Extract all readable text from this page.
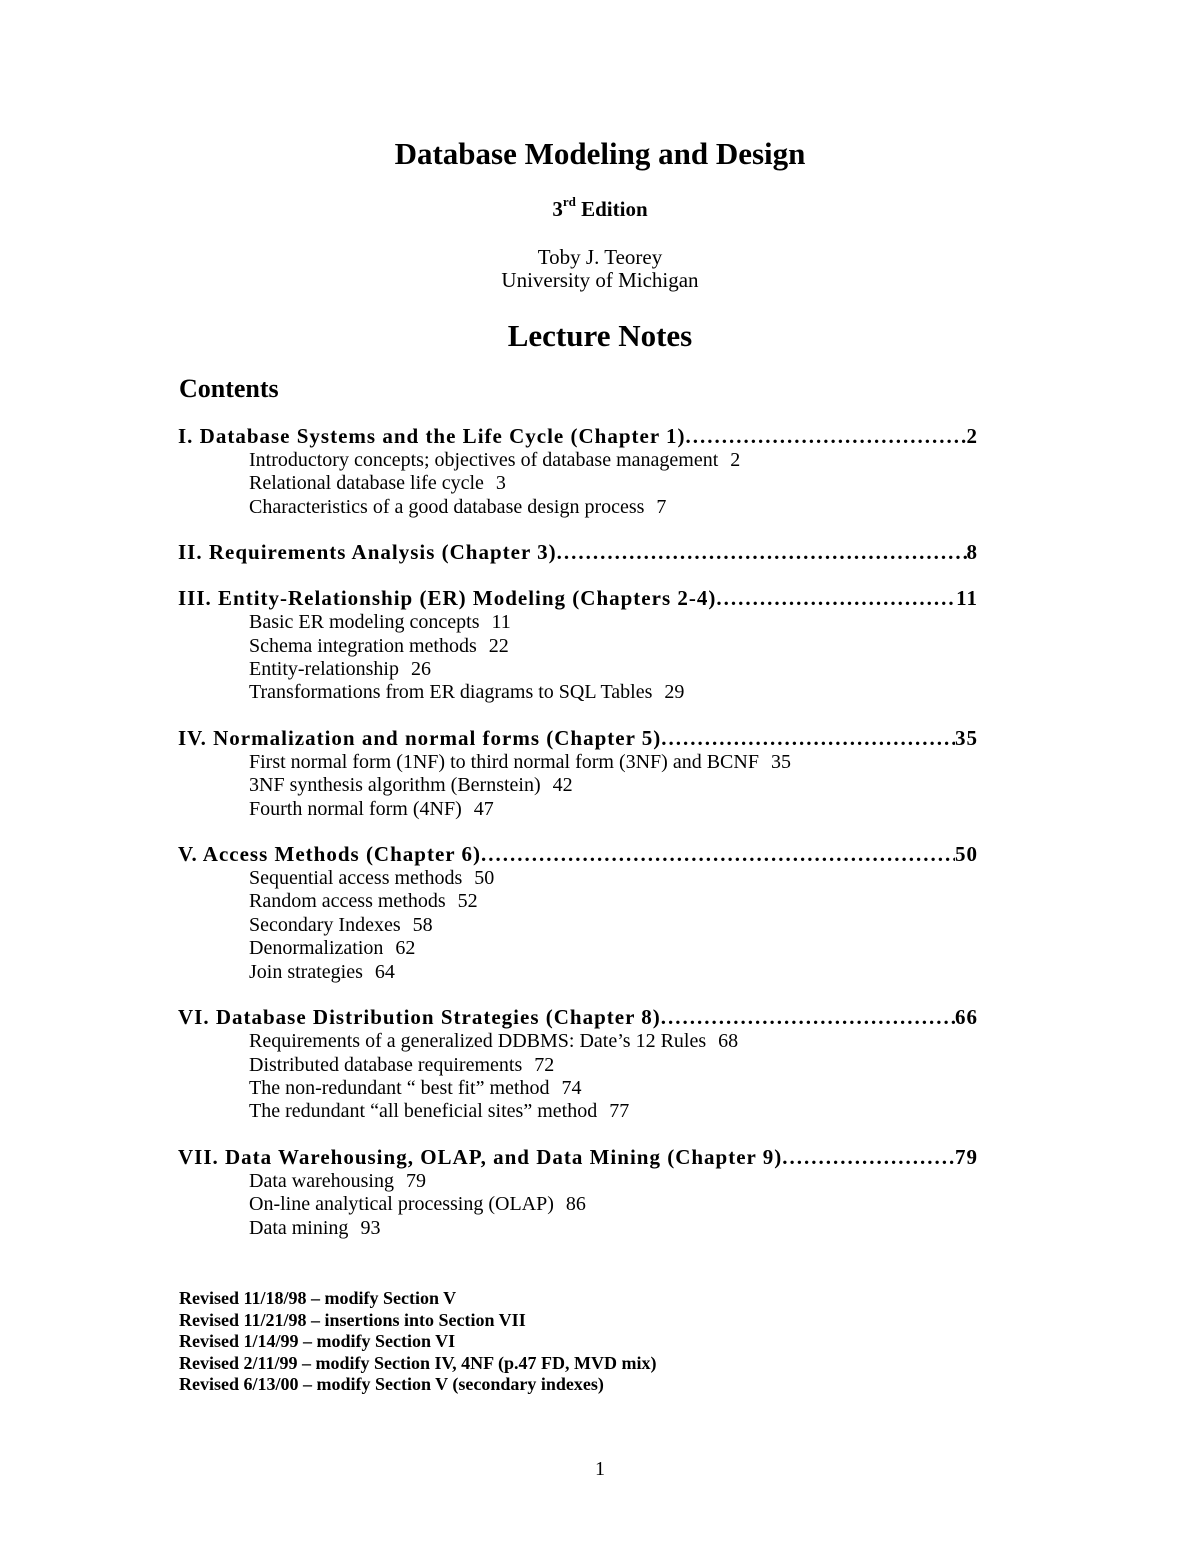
Database Modeling and Design
3rd Edition
Toby J. Teorey
University of Michigan
Lecture Notes
Contents
I. Database Systems and the Life Cycle (Chapter 1) .....	2
Introductory concepts; objectives of database management 2
Relational database life cycle 3
Characteristics of a good database design process 7
II. Requirements Analysis (Chapter 3) .....	8
III. Entity-Relationship (ER) Modeling (Chapters 2-4) .....	11
Basic ER modeling concepts 11
Schema integration methods 22
Entity-relationship 26
Transformations from ER diagrams to SQL Tables 29
IV. Normalization and normal forms (Chapter 5) .....	35
First normal form (1NF) to third normal form (3NF) and BCNF 35
3NF synthesis algorithm (Bernstein) 42
Fourth normal form (4NF) 47
V. Access Methods (Chapter 6) .....	50
Sequential access methods 50
Random access methods 52
Secondary Indexes 58
Denormalization 62
Join strategies 64
VI. Database Distribution Strategies (Chapter 8) .....	66
Requirements of a generalized DDBMS: Date’s 12 Rules 68
Distributed database requirements 72
The non-redundant “ best fit” method 74
The redundant “all beneficial sites” method 77
VII. Data Warehousing, OLAP, and Data Mining (Chapter 9) .....	79
Data warehousing 79
On-line analytical processing (OLAP) 86
Data mining 93
Revised 11/18/98 – modify Section V
Revised 11/21/98 – insertions into Section VII
Revised 1/14/99 – modify Section VI
Revised 2/11/99 – modify Section IV, 4NF (p.47 FD, MVD mix)
Revised 6/13/00 – modify Section V (secondary indexes)
1
